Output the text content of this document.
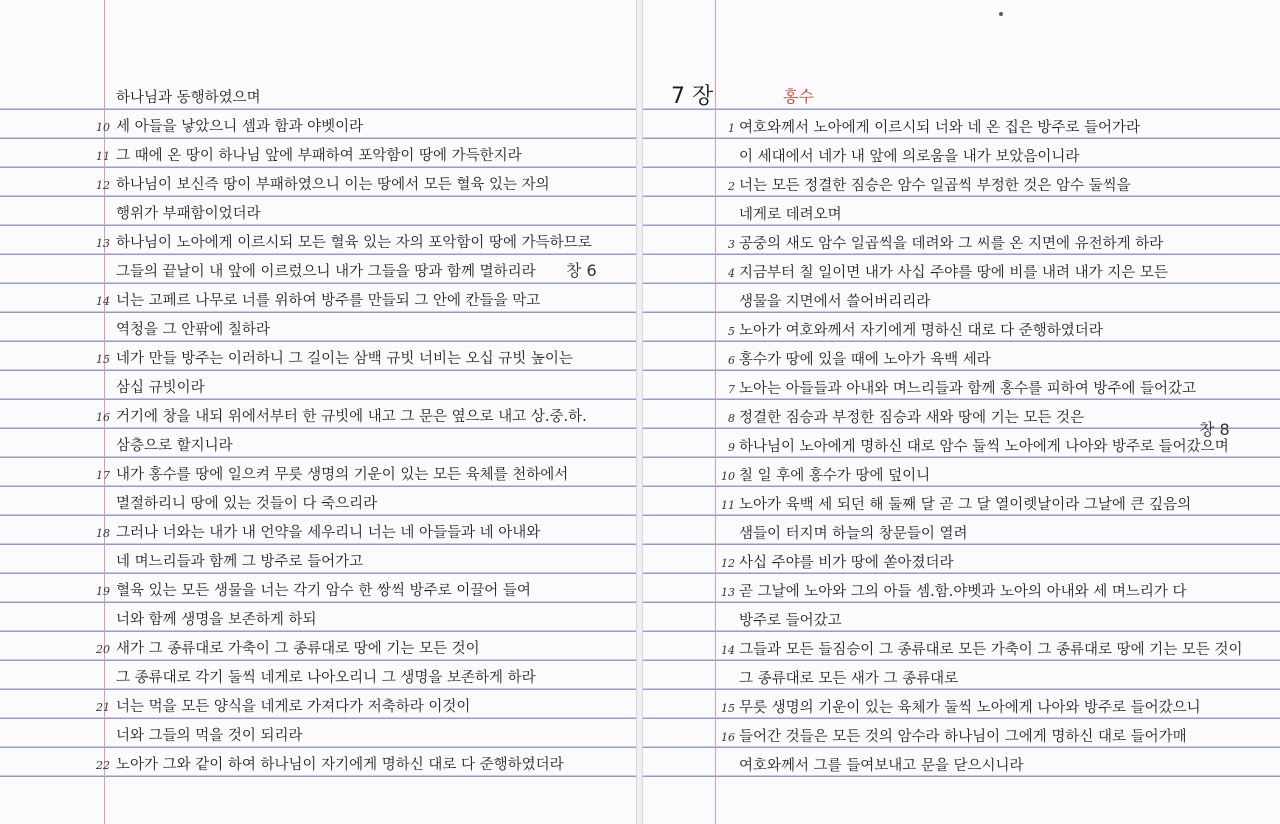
창 6
하나님과 동행하였으며
10 세 아들을 낳았으니 셈과 함과 야벳이라
11 그 때에 온 땅이 하나님 앞에 부패하여 포악함이 땅에 가득한지라
12 하나님이 보신즉 땅이 부패하였으니 이는 땅에서 모든 혈육 있는 자의
행위가 부패함이었더라
13 하나님이 노아에게 이르시되 모든 혈육 있는 자의 포악함이 땅에 가득하므로
그들의 끝날이 내 앞에 이르렀으니 내가 그들을 땅과 함께 멸하리라
14 너는 고페르 나무로 너를 위하여 방주를 만들되 그 안에 칸들을 막고
역청을 그 안팎에 칠하라
15 네가 만들 방주는 이러하니 그 길이는 삼백 규빗 너비는 오십 규빗 높이는
삼십 규빗이라
16 거기에 창을 내되 위에서부터 한 규빗에 내고 그 문은 옆으로 내고 상.중.하.
삼층으로 할지니라
17 내가 홍수를 땅에 일으켜 무릇 생명의 기운이 있는 모든 육체를 천하에서
멸절하리니 땅에 있는 것들이 다 죽으리라
18 그러나 너와는 내가 내 언약을 세우리니 너는 네 아들들과 네 아내와
네 며느리들과 함께 그 방주로 들어가고
19 혈육 있는 모든 생물을 너는 각기 암수 한 쌍씩 방주로 이끌어 들여
너와 함께 생명을 보존하게 하되
20 새가 그 종류대로 가축이 그 종류대로 땅에 기는 모든 것이
그 종류대로 각기 둘씩 네게로 나아오리니 그 생명을 보존하게 하라
21 너는 먹을 모든 양식을 네게로 가져다가 저축하라 이것이
너와 그들의 먹을 것이 되리라
22 노아가 그와 같이 하여 하나님이 자기에게 명하신 대로 다 준행하였더라
7 장	홍수
창 8
1 여호와께서 노아에게 이르시되 너와 네 온 집은 방주로 들어가라
이 세대에서 네가 내 앞에 의로움을 내가 보았음이니라
2 너는 모든 정결한 짐승은 암수 일곱씩 부정한 것은 암수 둘씩을
네게로 데려오며
3 공중의 새도 암수 일곱씩을 데려와 그 씨를 온 지면에 유전하게 하라
4 지금부터 칠 일이면 내가 사십 주야를 땅에 비를 내려 내가 지은 모든
생물을 지면에서 쓸어버리리라
5 노아가 여호와께서 자기에게 명하신 대로 다 준행하였더라
6 홍수가 땅에 있을 때에 노아가 육백 세라
7 노아는 아들들과 아내와 며느리들과 함께 홍수를 피하여 방주에 들어갔고
8 정결한 짐승과 부정한 짐승과 새와 땅에 기는 모든 것은
9 하나님이 노아에게 명하신 대로 암수 둘씩 노아에게 나아와 방주로 들어갔으며
10 칠 일 후에 홍수가 땅에 덮이니
11 노아가 육백 세 되던 해 둘째 달 곧 그 달 열이렛날이라 그날에 큰 깊음의
샘들이 터지며 하늘의 창문들이 열려
12 사십 주야를 비가 땅에 쏟아졌더라
13 곧 그날에 노아와 그의 아들 셈.함.야벳과 노아의 아내와 세 며느리가 다
방주로 들어갔고
14 그들과 모든 들짐승이 그 종류대로 모든 가축이 그 종류대로 땅에 기는 모든 것이
그 종류대로 모든 새가 그 종류대로
15 무릇 생명의 기운이 있는 육체가 둘씩 노아에게 나아와 방주로 들어갔으니
16 들어간 것들은 모든 것의 암수라 하나님이 그에게 명하신 대로 들어가매
여호와께서 그를 들여보내고 문을 닫으시니라
